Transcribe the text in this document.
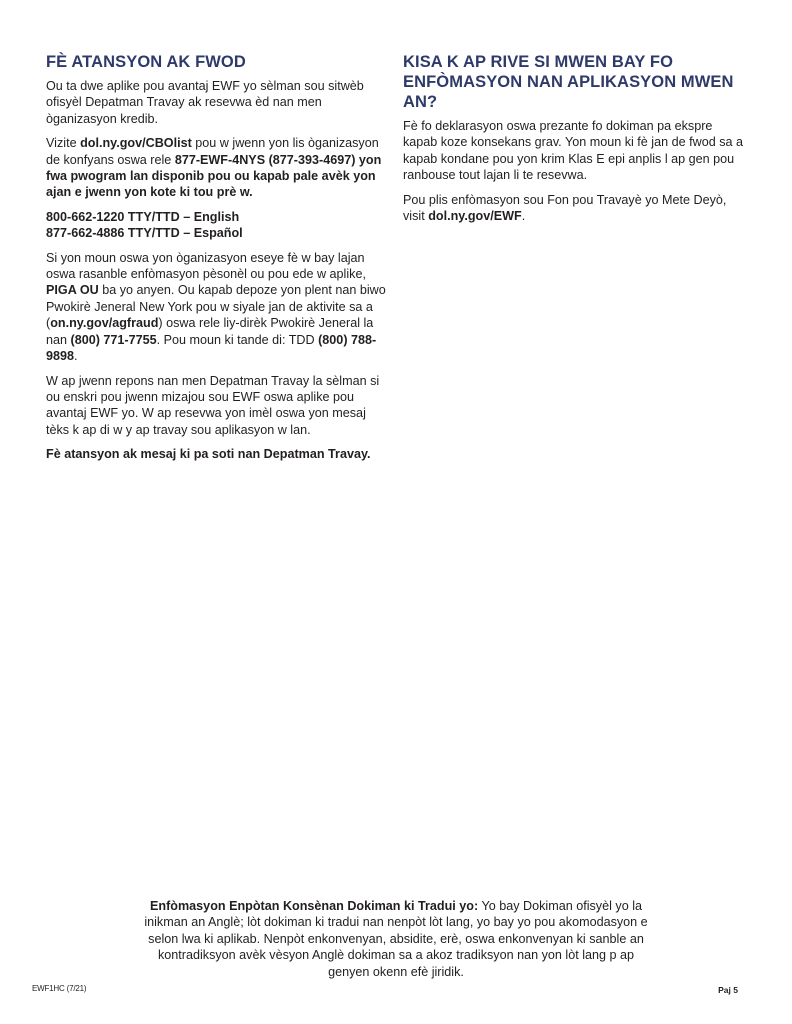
FÈ ATANSYON AK FWOD

Ou ta dwe aplike pou avantaj EWF yo sèlman sou sitwèb ofisyèl Depatman Travay ak resevwa èd nan men òganizasyon kredib.

Vizite dol.ny.gov/CBOlist pou w jwenn yon lis òganizasyon de konfyans oswa rele 877-EWF-4NYS (877-393-4697) yon fwa pwogram lan disponib pou ou kapab pale avèk yon ajan e jwenn yon kote ki tou prè w.

800-662-1220 TTY/TTD – English
877-662-4886 TTY/TTD – Español

Si yon moun oswa yon òganizasyon eseye fè w bay lajan oswa rasanble enfòmasyon pèsonèl ou pou ede w aplike, PIGA OU ba yo anyen. Ou kapab depoze yon plent nan biwo Pwokirè Jeneral New York pou w siyale jan de aktivite sa a (on.ny.gov/agfraud) oswa rele liy-dirèk Pwokirè Jeneral la nan (800) 771-7755. Pou moun ki tande di: TDD (800) 788-9898.

W ap jwenn repons nan men Depatman Travay la sèlman si ou enskri pou jwenn mizajou sou EWF oswa aplike pou avantaj EWF yo. W ap resevwa yon imèl oswa yon mesaj tèks k ap di w y ap travay sou aplikasyon w lan.

Fè atansyon ak mesaj ki pa soti nan Depatman Travay.

KISA K AP RIVE SI MWEN BAY FO ENFÒMASYON NAN APLIKASYON MWEN AN?

Fè fo deklarasyon oswa prezante fo dokiman pa ekspre kapab koze konsekans grav. Yon moun ki fè jan de fwod sa a kapab kondane pou yon krim Klas E epi anplis l ap gen pou ranbouse tout lajan li te resevwa.

Pou plis enfòmasyon sou Fon pou Travayè yo Mete Deyò, visit dol.ny.gov/EWF.

Enfòmasyon Enpòtan Konsènan Dokiman ki Tradui yo: Yo bay Dokiman ofisyèl yo la inikman an Anglè; lòt dokiman ki tradui nan nenpòt lòt lang, yo bay yo pou akomodasyon e selon lwa ki aplikab. Nenpòt enkonvenyan, absidite, erè, oswa enkonvenyan ki sanble an kontradiksyon avèk vèsyon Anglè dokiman sa a akoz tradiksyon nan yon lòt lang p ap genyen okenn efè jiridik.
EWF1HC (7/21)	Paj 5
